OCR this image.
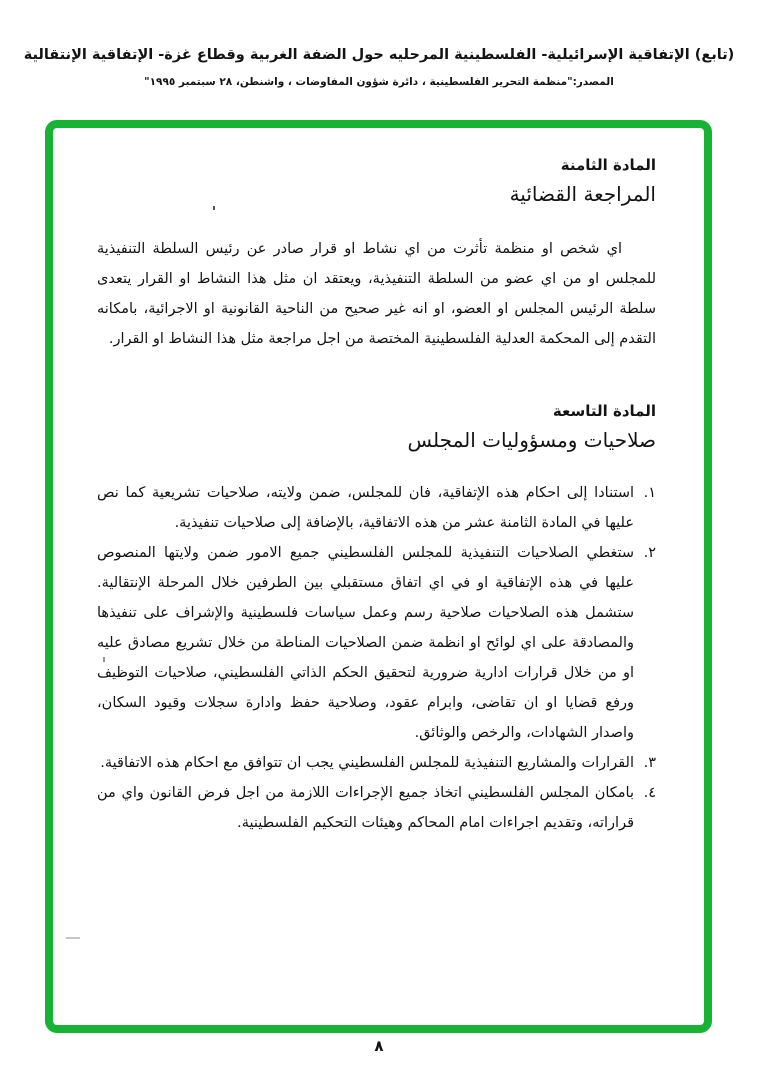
(تابع) الإتفاقية الإسرائيلية- الفلسطينية المرحليه حول الضفة الغربية وقطاع غزة- الإتفاقية الإنتقالية
المصدر:"منظمة التحرير الفلسطينية ، دائرة شؤون المفاوضات ، واشنطن، ٢٨ سبتمبر ١٩٩٥"
المادة الثامنة
المراجعة القضائية
اي شخص او منظمة تأثرت من اي نشاط او قرار صادر عن رئيس السلطة التنفيذية للمجلس او من اي عضو من السلطة التنفيذية، ويعتقد ان مثل هذا النشاط او القرار يتعدى سلطة الرئيس المجلس او العضو، او انه غير صحيح من الناحية القانونية او الاجرائية، بامكانه التقدم إلى المحكمة العدلية الفلسطينية المختصة من اجل مراجعة مثل هذا النشاط او القرار.
المادة التاسعة
صلاحيات ومسؤوليات المجلس
١.
استنادا إلى احكام هذه الإتفاقية، فان للمجلس، ضمن ولايته، صلاحيات تشريعية كما نص عليها في المادة الثامنة عشر من هذه الاتفاقية، بالإضافة إلى صلاحيات تنفيذية.
٢.
ستغطي الصلاحيات التنفيذية للمجلس الفلسطيني جميع الامور ضمن ولايتها المنصوص عليها في هذه الإتفاقية او في اي اتفاق مستقبلي بين الطرفين خلال المرحلة الإنتقالية. ستشمل هذه الصلاحيات صلاحية رسم وعمل سياسات فلسطينية والإشراف على تنفيذها والمصادقة على اي لوائح او انظمة ضمن الصلاحيات المناطة من خلال تشريع مصادق عليه او من خلال قرارات ادارية ضرورية لتحقيق الحكم الذاتي الفلسطيني، صلاحيات التوظيف ورفع قضايا او ان تقاضى، وابرام عقود، وصلاحية حفظ وادارة سجلات وقيود السكان، واصدار الشهادات، والرخص والوثائق.
٣.
القرارات والمشاريع التنفيذية للمجلس الفلسطيني يجب ان تتوافق مع احكام هذه الاتفاقية.
٤.
بامكان المجلس الفلسطيني اتخاذ جميع الإجراءات اللازمة من اجل فرض القانون واي من قراراته، وتقديم اجراءات امام المحاكم وهيئات التحكيم الفلسطينية.
٨
